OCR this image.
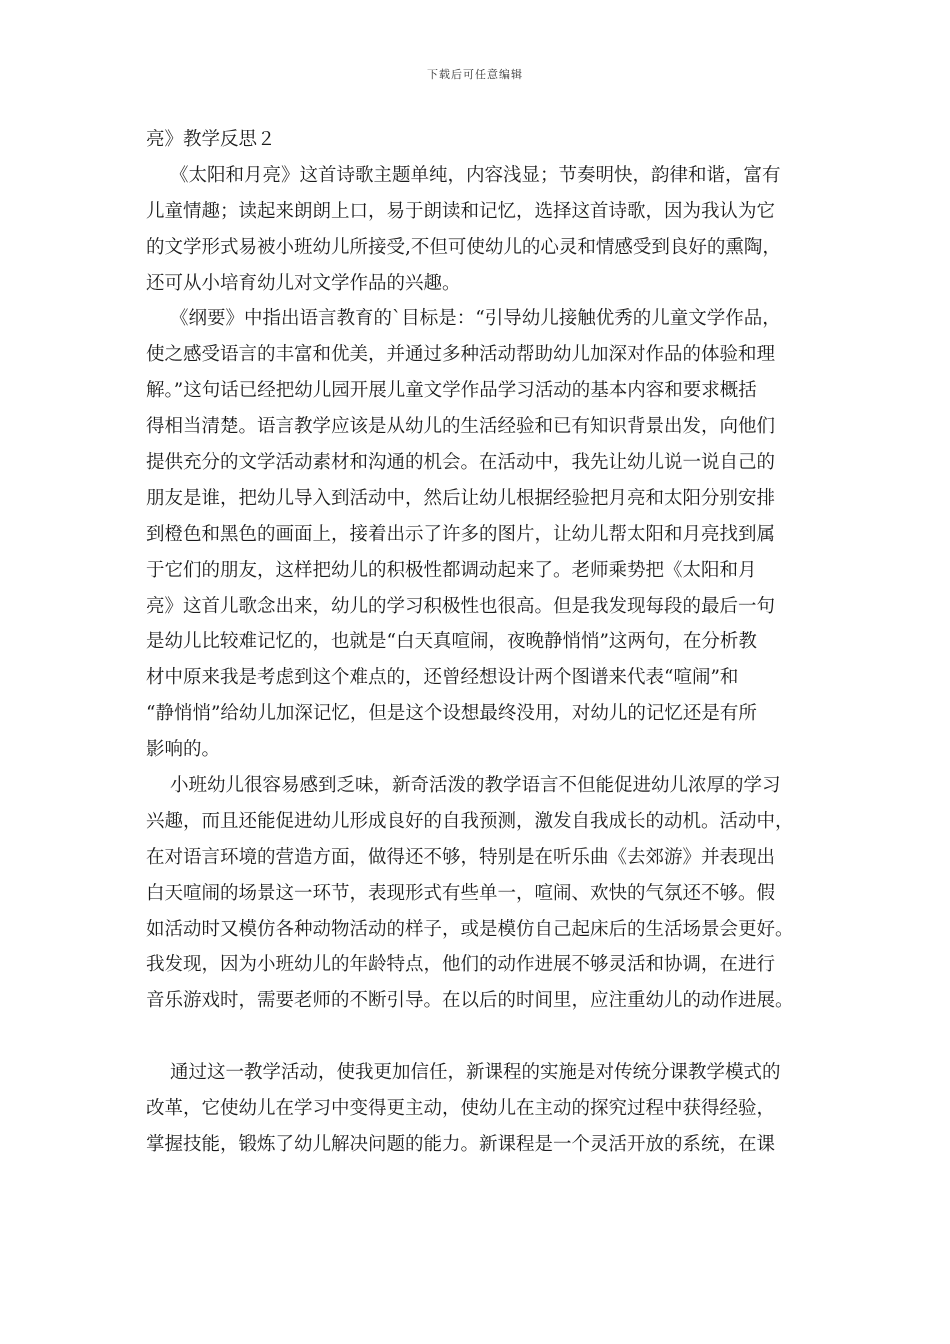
下载后可任意编辑
亮》教学反思２
《太阳和月亮》这首诗歌主题单纯，内容浅显；节奏明快，韵律和谐，富有
儿童情趣；读起来朗朗上口，易于朗读和记忆，选择这首诗歌，因为我认为它
的文学形式易被小班幼儿所接受,不但可使幼儿的心灵和情感受到良好的熏陶，
还可从小培育幼儿对文学作品的兴趣。
《纲要》中指出语言教育的`目标是：“引导幼儿接触优秀的儿童文学作品，
使之感受语言的丰富和优美，并通过多种活动帮助幼儿加深对作品的体验和理
解。”这句话已经把幼儿园开展儿童文学作品学习活动的基本内容和要求概括
得相当清楚。语言教学应该是从幼儿的生活经验和已有知识背景出发，向他们
提供充分的文学活动素材和沟通的机会。在活动中，我先让幼儿说一说自己的
朋友是谁，把幼儿导入到活动中，然后让幼儿根据经验把月亮和太阳分别安排
到橙色和黑色的画面上，接着出示了许多的图片，让幼儿帮太阳和月亮找到属
于它们的朋友，这样把幼儿的积极性都调动起来了。老师乘势把《太阳和月
亮》这首儿歌念出来，幼儿的学习积极性也很高。但是我发现每段的最后一句
是幼儿比较难记忆的，也就是“白天真喧闹，夜晚静悄悄”这两句，在分析教
材中原来我是考虑到这个难点的，还曾经想设计两个图谱来代表“喧闹”和
“静悄悄”给幼儿加深记忆，但是这个设想最终没用，对幼儿的记忆还是有所
影响的。
小班幼儿很容易感到乏味，新奇活泼的教学语言不但能促进幼儿浓厚的学习
兴趣，而且还能促进幼儿形成良好的自我预测，激发自我成长的动机。活动中，
在对语言环境的营造方面，做得还不够，特别是在听乐曲《去郊游》并表现出
白天喧闹的场景这一环节，表现形式有些单一，喧闹、欢快的气氛还不够。假
如活动时又模仿各种动物活动的样子，或是模仿自己起床后的生活场景会更好。
我发现，因为小班幼儿的年龄特点，他们的动作进展不够灵活和协调，在进行
音乐游戏时，需要老师的不断引导。在以后的时间里，应注重幼儿的动作进展。
通过这一教学活动，使我更加信任，新课程的实施是对传统分课教学模式的
改革，它使幼儿在学习中变得更主动，使幼儿在主动的探究过程中获得经验，
掌握技能，锻炼了幼儿解决问题的能力。新课程是一个灵活开放的系统，在课
